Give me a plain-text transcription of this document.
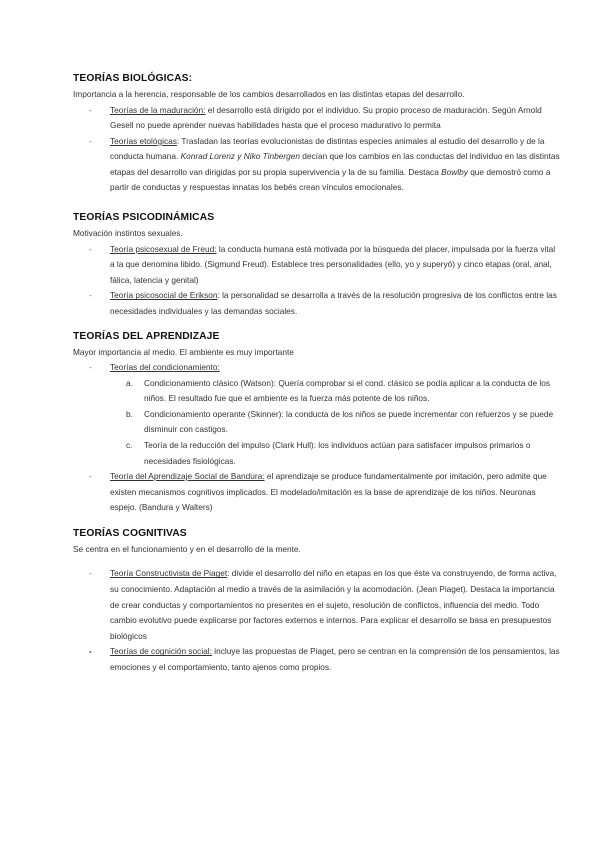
TEORÍAS BIOLÓGICAS:
Importancia a la herencia, responsable de los cambios desarrollados en las distintas etapas del desarrollo.
- Teorías de la maduración: el desarrollo está dirigido por el individuo. Su propio proceso de maduración. Según Arnold Gesell no puede aprender nuevas habilidades hasta que el proceso madurativo lo permita
- Teorías etológicas: Trasladan las teorías evolucionistas de distintas especies animales al estudio del desarrollo y de la conducta humana. Konrad Lorenz y Niko Tinbergen decían que los cambios en las conductas del individuo en las distintas etapas del desarrollo van dirigidas por su propia supervivencia y la de su familia. Destaca Bowlby que demostró como a partir de conductas y respuestas innatas los bebés crean vínculos emocionales.
TEORÍAS PSICODINÁMICAS
Motivación instintos sexuales.
- Teoría psicosexual de Freud: la conducta humana está motivada por la búsqueda del placer, impulsada por la fuerza vital a la que denomina libido. (Sigmund Freud). Establece tres personalidades (ello, yo y superyó) y cinco etapas (oral, anal, fálica, latencia y genital)
- Teoría psicosocial de Erikson: la personalidad se desarrolla a través de la resolución progresiva de los conflictos entre las necesidades individuales y las demandas sociales.
TEORÍAS DEL APRENDIZAJE
Mayor importancia al medio. El ambiente es muy importante
- Teorías del condicionamiento:
a. Condicionamiento clásico (Watson): Quería comprobar si el cond. clásico se podía aplicar a la conducta de los niños. El resultado fue que el ambiente es la fuerza más potente de los niños.
b. Condicionamiento operante (Skinner): la conducta de los niños se puede incrementar con refuerzos y se puede disminuir con castigos.
c. Teoría de la reducción del impulso (Clark Hull): los individuos actúan para satisfacer impulsos primarios o necesidades fisiológicas.
- Teoría del Aprendizaje Social de Bandura: el aprendizaje se produce fundamentalmente por imitación, pero admite que existen mecanismos cognitivos implicados. El modelado/imitación es la base de aprendizaje de los niños. Neuronas espejo. (Bandura y Walters)
TEORÍAS COGNITIVAS
Se centra en el funcionamiento y en el desarrollo de la mente.
- Teoría Constructivista de Piaget: divide el desarrollo del niño en etapas en los que éste va construyendo, de forma activa, su conocimiento. Adaptación al medio a través de la asimilación y la acomodación. (Jean Piaget). Destaca la importancia de crear conductas y comportamientos no presentes en el sujeto, resolución de conflictos, influencia del medio. Todo cambio evolutivo puede explicarse por factores externos e internos. Para explicar el desarrollo se basa en presupuestos biológicos
- Teorías de cognición social: incluye las propuestas de Piaget, pero se centran en la comprensión de los pensamientos, las emociones y el comportamiento, tanto ajenos como propios.
